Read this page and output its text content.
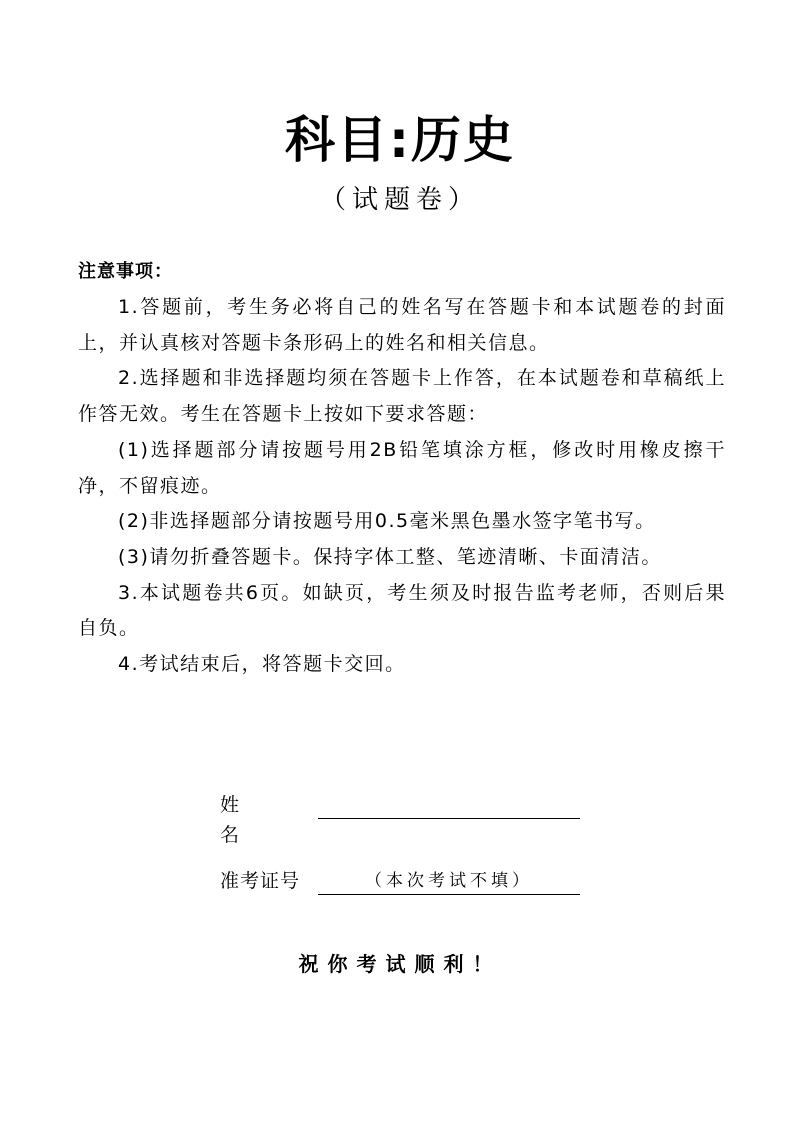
科目:历史
（试题卷）
注意事项：

1.答题前，考生务必将自己的姓名写在答题卡和本试题卷的封面上，并认真核对答题卡条形码上的姓名和相关信息。

2.选择题和非选择题均须在答题卡上作答，在本试题卷和草稿纸上作答无效。考生在答题卡上按如下要求答题：

(1)选择题部分请按题号用2B铅笔填涂方框，修改时用橡皮擦干净，不留痕迹。

(2)非选择题部分请按题号用0.5毫米黑色墨水签字笔书写。

(3)请勿折叠答题卡。保持字体工整、笔迹清晰、卡面清洁。

3.本试题卷共6页。如缺页，考生须及时报告监考老师，否则后果自负。

4.考试结束后，将答题卡交回。

姓名
准考证号	（本次考试不填）
祝你考试顺利！
